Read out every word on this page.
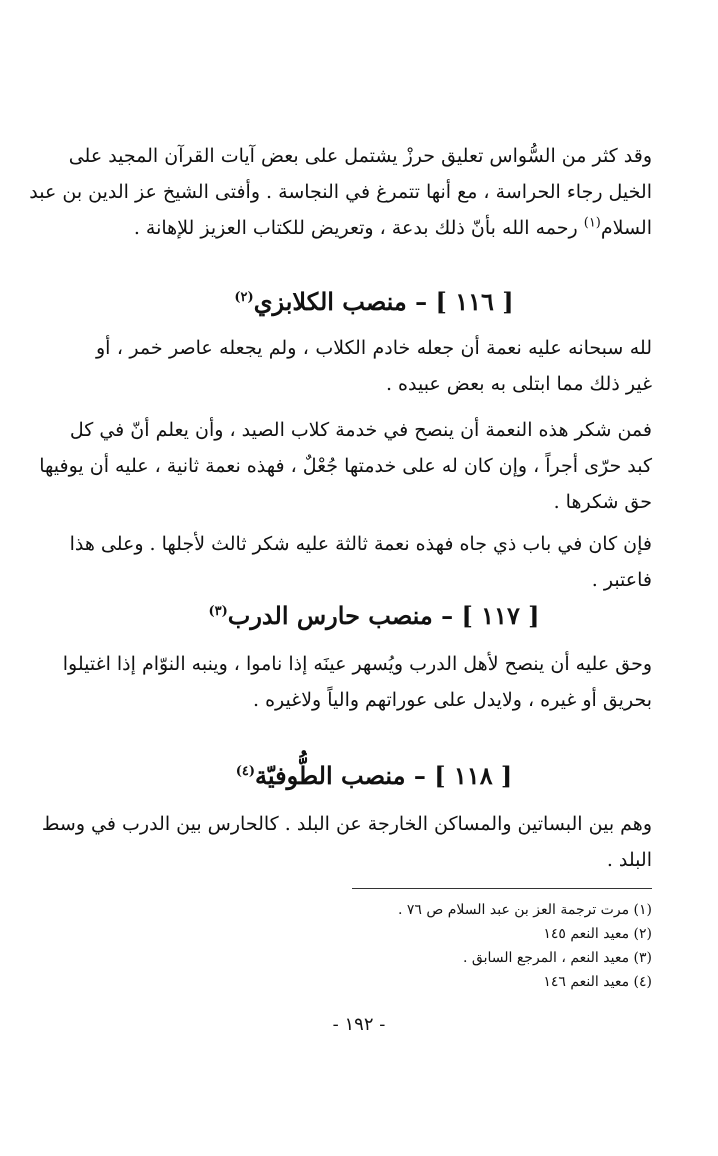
وقد كثر من السُّواس تعليق حرزْ يشتمل على بعض آيات القرآن المجيد على
الخيل رجاء الحراسة ، مع أنها تتمرغ في النجاسة . وأفتى الشيخ عز الدين بن عبد
السلام$^{(١)}$ رحمه الله بأنّ ذلك بدعة ، وتعريض للكتاب العزيز للإهانة .
[ ١١٦ ] – منصب الكلابزي$^{(٢)}$
لله سبحانه عليه نعمة أن جعله خادم الكلاب ، ولم يجعله عاصر خمر ، أو
غير ذلك مما ابتلى به بعض عبيده .
فمن شكر هذه النعمة أن ينصح في خدمة كلاب الصيد ، وأن يعلم أنّ في كل
كبد حرّى أجراً ، وإن كان له على خدمتها جُعْلٌ ، فهذه نعمة ثانية ، عليه أن يوفيها
حق شكرها .
فإن كان في باب ذي جاه فهذه نعمة ثالثة عليه شكر ثالث لأجلها . وعلى هذا
فاعتبر .
[ ١١٧ ] – منصب حارس الدرب$^{(٣)}$
وحق عليه أن ينصح لأهل الدرب ويُسهر عينَه إذا ناموا ، وينبه النوّام إذا اغتيلوا
بحريق أو غيره ، ولايدل على عوراتهم والياً ولاغيره .
[ ١١٨ ] – منصب الطُّوفيّة$^{(٤)}$
وهم بين البساتين والمساكن الخارجة عن البلد . كالحارس بين الدرب في وسط
البلد .
(١) مرت ترجمة العز بن عبد السلام ص ٧٦ .
(٢) معيد النعم ١٤٥
(٣) معيد النعم ، المرجع السابق .
(٤) معيد النعم ١٤٦
- ١٩٢ -
